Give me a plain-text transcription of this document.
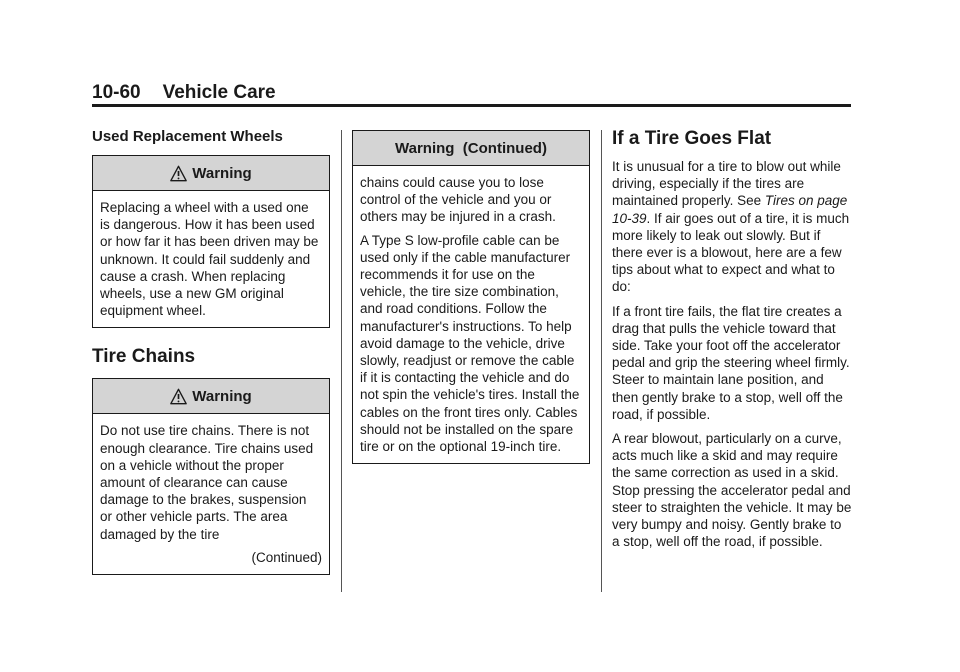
10-60 Vehicle Care
Used Replacement Wheels
Warning

Replacing a wheel with a used one is dangerous. How it has been used or how far it has been driven may be unknown. It could fail suddenly and cause a crash. When replacing wheels, use a new GM original equipment wheel.

Tire Chains
Warning

Do not use tire chains. There is not enough clearance. Tire chains used on a vehicle without the proper amount of clearance can cause damage to the brakes, suspension or other vehicle parts. The area damaged by the tire

(Continued)
Warning  (Continued)

chains could cause you to lose control of the vehicle and you or others may be injured in a crash.

A Type S low-profile cable can be used only if the cable manufacturer recommends it for use on the vehicle, the tire size combination, and road conditions. Follow the manufacturer's instructions. To help avoid damage to the vehicle, drive slowly, readjust or remove the cable if it is contacting the vehicle and do not spin the vehicle's tires. Install the cables on the front tires only. Cables should not be installed on the spare tire or on the optional 19-inch tire.

If a Tire Goes Flat

It is unusual for a tire to blow out while driving, especially if the tires are maintained properly. See Tires on page 10-39. If air goes out of a tire, it is much more likely to leak out slowly. But if there ever is a blowout, here are a few tips about what to expect and what to do:

If a front tire fails, the flat tire creates a drag that pulls the vehicle toward that side. Take your foot off the accelerator pedal and grip the steering wheel firmly. Steer to maintain lane position, and then gently brake to a stop, well off the road, if possible.

A rear blowout, particularly on a curve, acts much like a skid and may require the same correction as used in a skid. Stop pressing the accelerator pedal and steer to straighten the vehicle. It may be very bumpy and noisy. Gently brake to a stop, well off the road, if possible.
